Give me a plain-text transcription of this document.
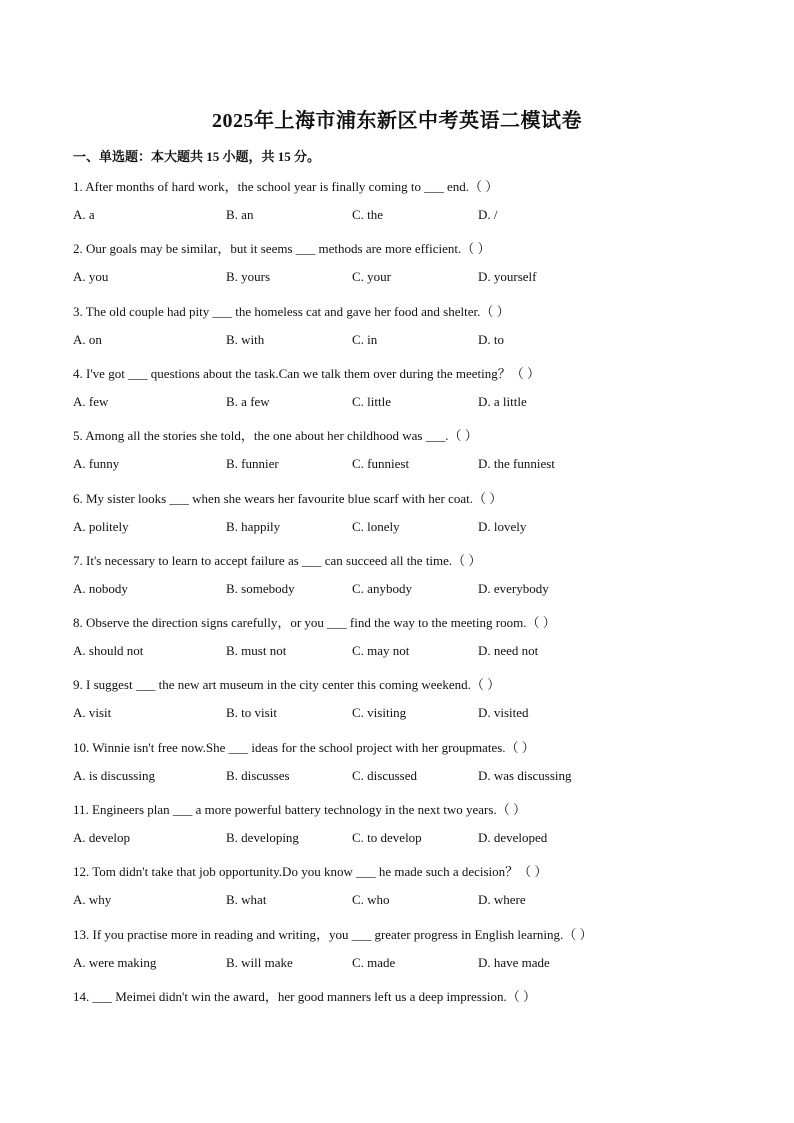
2025年上海市浦东新区中考英语二模试卷
一、单选题：本大题共 15 小题，共 15 分。
1. After months of hard work，the school year is finally coming to ___ end.（ ）
A. a	B. an	C. the	D. /
2. Our goals may be similar，but it seems ___ methods are more efficient.（ ）
A. you	B. yours	C. your	D. yourself
3. The old couple had pity ___ the homeless cat and gave her food and shelter.（ ）
A. on	B. with	C. in	D. to
4. I've got ___ questions about the task.Can we talk them over during the meeting？（ ）
A. few	B. a few	C. little	D. a little
5. Among all the stories she told，the one about her childhood was ___.（ ）
A. funny	B. funnier	C. funniest	D. the funniest
6. My sister looks ___ when she wears her favourite blue scarf with her coat.（ ）
A. politely	B. happily	C. lonely	D. lovely
7. It's necessary to learn to accept failure as ___ can succeed all the time.（ ）
A. nobody	B. somebody	C. anybody	D. everybody
8. Observe the direction signs carefully，or you ___ find the way to the meeting room.（ ）
A. should not	B. must not	C. may not	D. need not
9. I suggest ___ the new art museum in the city center this coming weekend.（ ）
A. visit	B. to visit	C. visiting	D. visited
10. Winnie isn't free now.She ___ ideas for the school project with her groupmates.（ ）
A. is discussing	B. discusses	C. discussed	D. was discussing
11. Engineers plan ___ a more powerful battery technology in the next two years.（ ）
A. develop	B. developing	C. to develop	D. developed
12. Tom didn't take that job opportunity.Do you know ___ he made such a decision？（ ）
A. why	B. what	C. who	D. where
13. If you practise more in reading and writing，you ___ greater progress in English learning.（ ）
A. were making	B. will make	C. made	D. have made
14. ___ Meimei didn't win the award，her good manners left us a deep impression.（ ）
